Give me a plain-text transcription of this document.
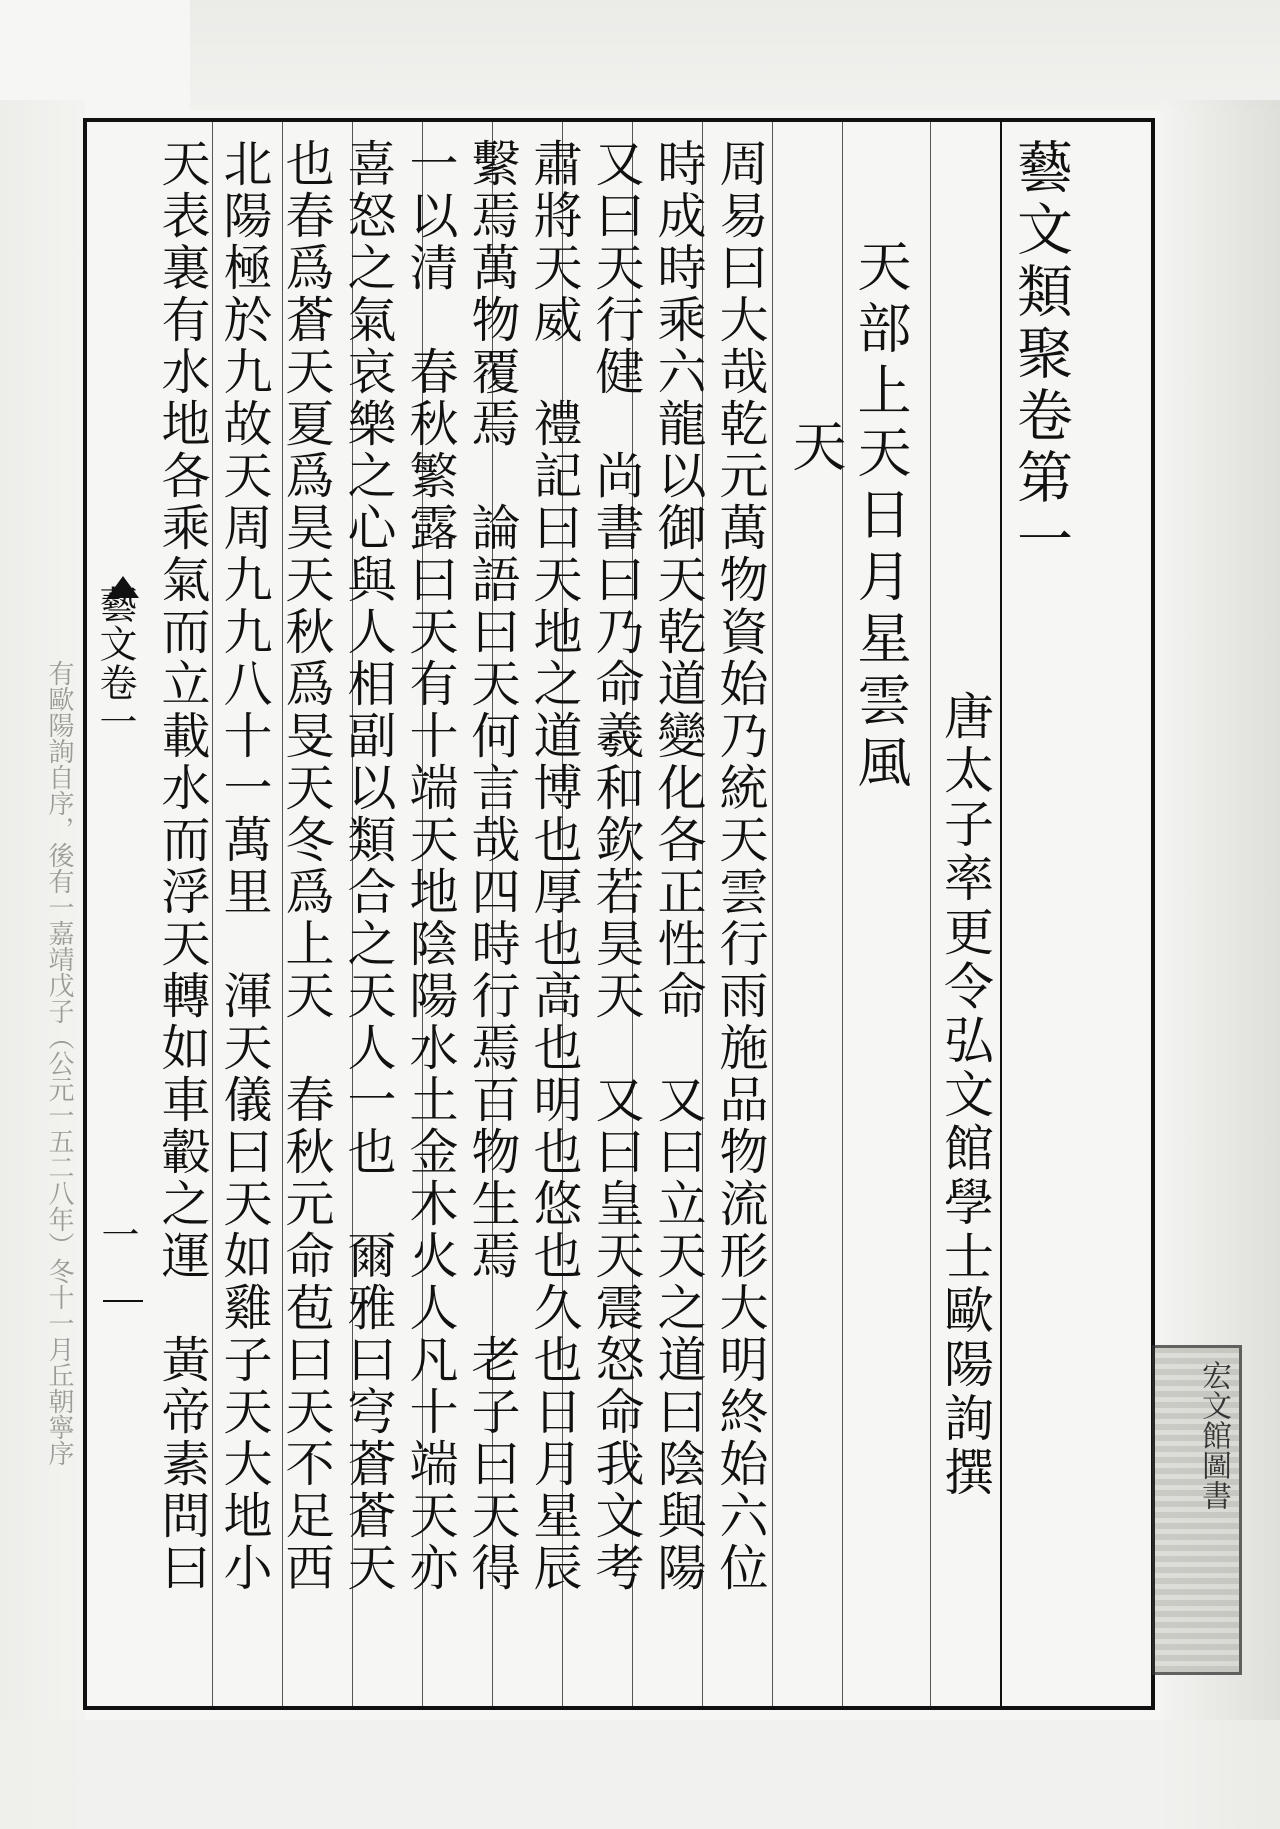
有歐陽詢自序，後有一嘉靖戊子（公元一五二八年）冬十一月丘朝寧序 藝文卷一
一
藝文類聚卷第一
唐太子率更令弘文館學士歐陽詢撰
天部上天日月星雲風
天
周易曰大哉乾元萬物資始乃統天雲行雨施品物流形大明終始六位
時成時乘六龍以御天乾道變化各正性命　又曰立天之道曰陰與陽
又曰天行健　尚書曰乃命羲和欽若昊天　又曰皇天震怒命我文考
肅將天威　禮記曰天地之道博也厚也高也明也悠也久也日月星辰
繫焉萬物覆焉　論語曰天何言哉四時行焉百物生焉　老子曰天得
一以清　春秋繁露曰天有十端天地陰陽水土金木火人凡十端天亦
喜怒之氣哀樂之心與人相副以類合之天人一也　爾雅曰穹蒼蒼天
也春爲蒼天夏爲昊天秋爲旻天冬爲上天　春秋元命苞曰天不足西
北陽極於九故天周九九八十一萬里　渾天儀曰天如雞子天大地小	宏文館圖書
天表裏有水地各乘氣而立載水而浮天轉如車轂之運　黃帝素問曰
